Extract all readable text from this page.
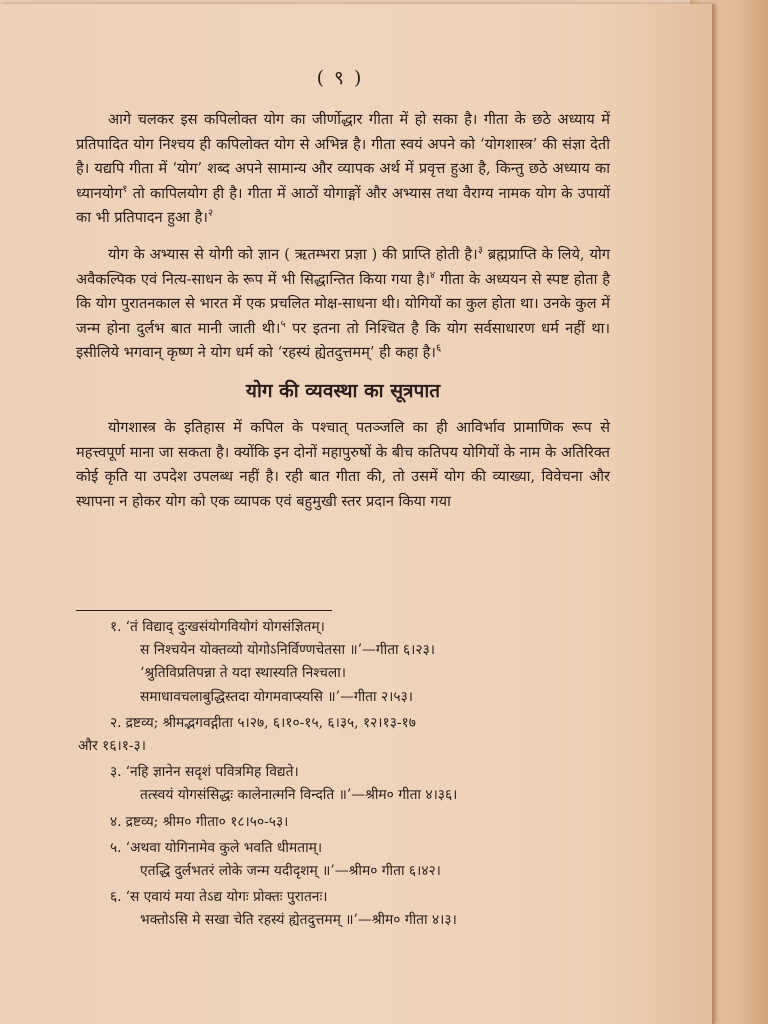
( ९ )

आगे चलकर इस कपिलोक्त योग का जीर्णोद्धार गीता में हो सका है। गीता के छठे अध्याय में प्रतिपादित योग निश्चय ही कपिलोक्त योग से अभिन्न है। गीता स्वयं अपने को ‘योगशास्त्र’ की संज्ञा देती है। यद्यपि गीता में ‘योग’ शब्द अपने सामान्य और व्यापक अर्थ में प्रवृत्त हुआ है, किन्तु छठे अध्याय का ध्यानयोग$^१$ तो कापिलयोग ही है। गीता में आठों योगाङ्गों और अभ्यास तथा वैराग्य नामक योग के उपायों का भी प्रतिपादन हुआ है।$^२$

योग के अभ्यास से योगी को ज्ञान ( ऋतम्भरा प्रज्ञा ) की प्राप्ति होती है।$^३$ ब्रह्मप्राप्ति के लिये, योग अवैकल्पिक एवं नित्य-साधन के रूप में भी सिद्धान्तित किया गया है।$^४$ गीता के अध्ययन से स्पष्ट होता है कि योग पुरातनकाल से भारत में एक प्रचलित मोक्ष-साधना थी। योगियों का कुल होता था। उनके कुल में जन्म होना दुर्लभ बात मानी जाती थी।$^५$ पर इतना तो निश्चित है कि योग सर्वसाधारण धर्म नहीं था। इसीलिये भगवान् कृष्ण ने योग धर्म को ‘रहस्यं ह्येतदुत्तमम्’ ही कहा है।$^६$

योग की व्यवस्था का सूत्रपात

योगशास्त्र के इतिहास में कपिल के पश्चात् पतञ्जलि का ही आविर्भाव प्रामाणिक रूप से महत्त्वपूर्ण माना जा सकता है। क्योंकि इन दोनों महापुरुषों के बीच कतिपय योगियों के नाम के अतिरिक्त कोई कृति या उपदेश उपलब्ध नहीं है। रही बात गीता की, तो उसमें योग की व्याख्या, विवेचना और स्थापना न होकर योग को एक व्यापक एवं बहुमुखी स्तर प्रदान किया गया

१. ‘तं विद्याद् दुःखसंयोगवियोगं योगसंज्ञितम्।
स निश्चयेन योक्तव्यो योगोऽनिर्विण्णचेतसा ॥’—गीता ६।२३।
‘श्रुतिविप्रतिपन्ना ते यदा स्थास्यति निश्चला।
समाधावचलाबुद्धिस्तदा योगमवाप्स्यसि ॥’—गीता २।५३।
२. द्रष्टव्य; श्रीमद्भगवद्गीता ५।२७, ६।१०-१५, ६।३५, १२।१३-१७
और १६।१-३।
३. ‘नहि ज्ञानेन सदृशं पवित्रमिह विद्यते।
तत्स्वयं योगसंसिद्धः कालेनात्मनि विन्दति ॥’—श्रीम० गीता ४।३६।
४. द्रष्टव्य; श्रीम० गीता० १८।५०-५३।
५. ‘अथवा योगिनामेव कुले भवति धीमताम्।
एतद्धि दुर्लभतरं लोके जन्म यदीदृशम् ॥’—श्रीम० गीता ६।४२।
६. ‘स एवायं मया तेऽद्य योगः प्रोक्तः पुरातनः।
भक्तोऽसि मे सखा चेति रहस्यं ह्येतदुत्तमम् ॥’—श्रीम० गीता ४।३।
